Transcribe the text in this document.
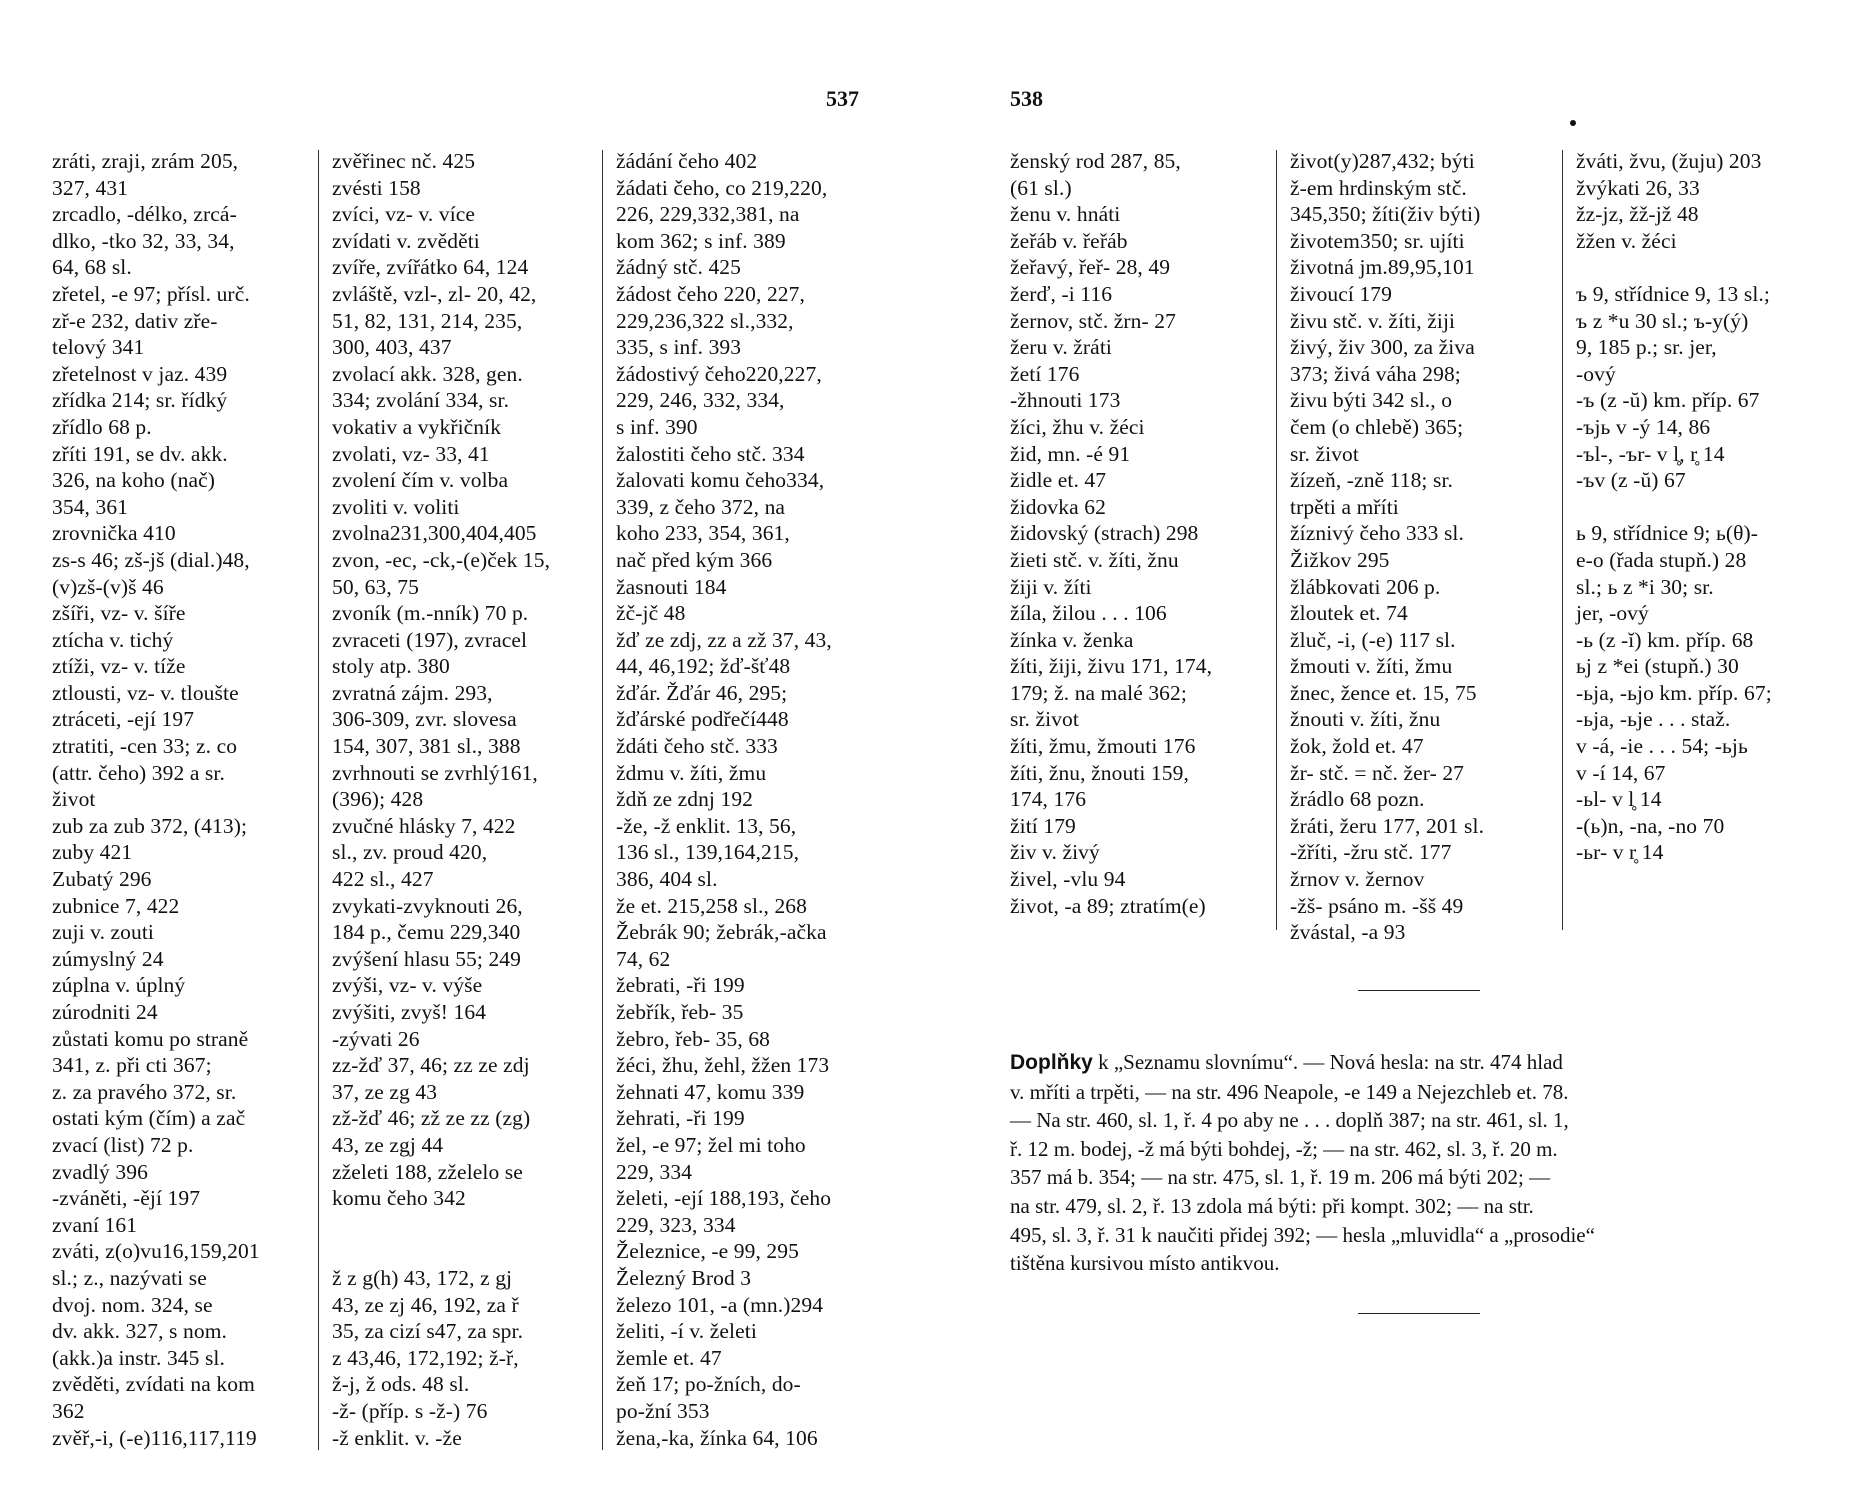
537	538
zráti, zraji, zrám 205,
327, 431
zrcadlo, -délko, zrcá-
dlko, -tko 32, 33, 34,
64, 68 sl.
zřetel, -e 97; přísl. urč.
zř-e 232, dativ zře-
telový 341
zřetelnost v jaz. 439
zřídka 214; sr. řídký
zřídlo 68 p.
zříti 191, se dv. akk.
326, na koho (nač)
354, 361
zrovnička 410
zs-s 46; zš-jš (dial.)48,
(v)zš-(v)š 46
zšíři, vz- v. šíře
ztícha v. tichý
ztíži, vz- v. tíže
ztlousti, vz- v. tloušte
ztráceti, -ejí 197
ztratiti, -cen 33; z. co
(attr. čeho) 392 a sr.
život
zub za zub 372, (413);
zuby 421
Zubatý 296
zubnice 7, 422
zuji v. zouti
zúmyslný 24
zúplna v. úplný
zúrodniti 24
zůstati komu po straně
341, z. při cti 367;
z. za pravého 372, sr.
ostati kým (čím) a zač
zvací (list) 72 p.
zvadlý 396
-zváněti, -ějí 197
zvaní 161
zváti, z(o)vu16,159,201
sl.; z., nazývati se
dvoj. nom. 324, se
dv. akk. 327, s nom.
(akk.)a instr. 345 sl.
zvěděti, zvídati na kom
362
zvěř,-i, (-e)116,117,119
zvěřinec nč. 425
zvésti 158
zvíci, vz- v. více
zvídati v. zvěděti
zvíře, zvířátko 64, 124
zvláště, vzl-, zl- 20, 42,
51, 82, 131, 214, 235,
300, 403, 437
zvolací akk. 328, gen.
334; zvolání 334, sr.
vokativ a vykřičník
zvolati, vz- 33, 41
zvolení čím v. volba
zvoliti v. voliti
zvolna231,300,404,405
zvon, -ec, -ck,-(e)ček 15,
50, 63, 75
zvoník (m.-nník) 70 p.
zvraceti (197), zvracel
stoly atp. 380
zvratná zájm. 293,
306-309, zvr. slovesa
154, 307, 381 sl., 388
zvrhnouti se zvrhlý161,
(396); 428
zvučné hlásky 7, 422
sl., zv. proud 420,
422 sl., 427
zvykati-zvyknouti 26,
184 p., čemu 229,340
zvýšení hlasu 55; 249
zvýši, vz- v. výše
zvýšiti, zvyš! 164
-zývati 26
zz-žď 37, 46; zz ze zdj
37, ze zg 43
zž-žď 46; zž ze zz (zg)
43, ze zgj 44
zželeti 188, zželelo se
komu čeho 342

ž z g(h) 43, 172, z gj
43, ze zj 46, 192, za ř
35, za cizí s47, za spr.
z 43,46, 172,192; ž-ř,
ž-j, ž ods. 48 sl.
-ž- (příp. s -ž-) 76
-ž enklit. v. -že
žádání čeho 402
žádati čeho, co 219,220,
226, 229,332,381, na
kom 362; s inf. 389
žádný stč. 425
žádost čeho 220, 227,
229,236,322 sl.,332,
335, s inf. 393
žádostivý čeho220,227,
229, 246, 332, 334,
s inf. 390
žalostiti čeho stč. 334
žalovati komu čeho334,
339, z čeho 372, na
koho 233, 354, 361,
nač před kým 366
žasnouti 184
žč-jč 48
žď ze zdj, zz a zž 37, 43,
44, 46,192; žď-šť48
žďár. Žďár 46, 295;
žďárské podřečí448
ždáti čeho stč. 333
ždmu v. žíti, žmu
ždň ze zdnj 192
-že, -ž enklit. 13, 56,
136 sl., 139,164,215,
386, 404 sl.
že et. 215,258 sl., 268
Žebrák 90; žebrák,-ačka
74, 62
žebrati, -ři 199
žebřík, řeb- 35
žebro, řeb- 35, 68
žéci, žhu, žehl, žžen 173
žehnati 47, komu 339
žehrati, -ři 199
žel, -e 97; žel mi toho
229, 334
želeti, -ejí 188,193, čeho
229, 323, 334
Železnice, -e 99, 295
Železný Brod 3
železo 101, -a (mn.)294
želiti, -í v. želeti
žemle et. 47
žeň 17; po-žních, do-
po-žní 353
žena,-ka, žínka 64, 106
ženský rod 287, 85,
(61 sl.)
ženu v. hnáti
žeřáb v. řeřáb
žeřavý, řeř- 28, 49
žerď, -i 116
žernov, stč. žrn- 27
žeru v. žráti
žetí 176
-žhnouti 173
žíci, žhu v. žéci
žid, mn. -é 91
židle et. 47
židovka 62
židovský (strach) 298
žieti stč. v. žíti, žnu
žiji v. žíti
žíla, žilou . . . 106
žínka v. ženka
žíti, žiji, živu 171, 174,
179; ž. na malé 362;
sr. život
žíti, žmu, žmouti 176
žíti, žnu, žnouti 159,
174, 176
žití 179
živ v. živý
živel, -vlu 94
život, -a 89; ztratím(e)
život(y)287,432; býti
ž-em hrdinským stč.
345,350; žíti(živ býti)
životem350; sr. ujíti
životná jm.89,95,101
živoucí 179
živu stč. v. žíti, žiji
živý, živ 300, za živa
373; živá váha 298;
živu býti 342 sl., o
čem (o chlebě) 365;
sr. život
žízeň, -zně 118; sr.
trpěti a mříti
žíznivý čeho 333 sl.
Žižkov 295
žlábkovati 206 p.
žloutek et. 74
žluč, -i, (-e) 117 sl.
žmouti v. žíti, žmu
žnec, žence et. 15, 75
žnouti v. žíti, žnu
žok, žold et. 47
žr- stč. = nč. žer- 27
žrádlo 68 pozn.
žráti, žeru 177, 201 sl.
-žříti, -žru stč. 177
žrnov v. žernov
-žš- psáno m. -šš 49
žvástal, -a 93
žváti, žvu, (žuju) 203
žvýkati 26, 33
žz-jz, žž-jž 48
žžen v. žéci

ъ 9, střídnice 9, 13 sl.;
ъ z *u 30 sl.; ъ-y(ý)
9, 185 p.; sr. jer,
-ový
-ъ (z -ŭ) km. příp. 67
-ъjь v -ý 14, 86
-ъl-, -ъr- v l̥, r̥ 14
-ъv (z -ŭ) 67

ь 9, střídnice 9; ь(θ)-
e-o (řada stupň.) 28
sl.; ь z *i 30; sr.
jer, -ový
-ь (z -ĭ) km. příp. 68
ьj z *ei (stupň.) 30
-ьja, -ьjo km. příp. 67;
-ьja, -ьje . . . staž.
v -á, -ie . . . 54; -ьjь
v -í 14, 67
-ьl- v l̥ 14
-(ь)n, -na, -no 70
-ьr- v r̥ 14
Doplňky k „Seznamu slovnímu“. — Nová hesla: na str. 474 hlad
v. mříti a trpěti, — na str. 496 Neapole, -e 149 a Nejezchleb et. 78.
— Na str. 460, sl. 1, ř. 4 po aby ne . . . doplň 387; na str. 461, sl. 1,
ř. 12 m. bodej, -ž má býti bohdej, -ž; — na str. 462, sl. 3, ř. 20 m.
357 má b. 354; — na str. 475, sl. 1, ř. 19 m. 206 má býti 202; —
na str. 479, sl. 2, ř. 13 zdola má býti: při kompt. 302; — na str.
495, sl. 3, ř. 31 k naučiti přidej 392; — hesla „mluvidla“ a „prosodie“
tištěna kursivou místo antikvou.
